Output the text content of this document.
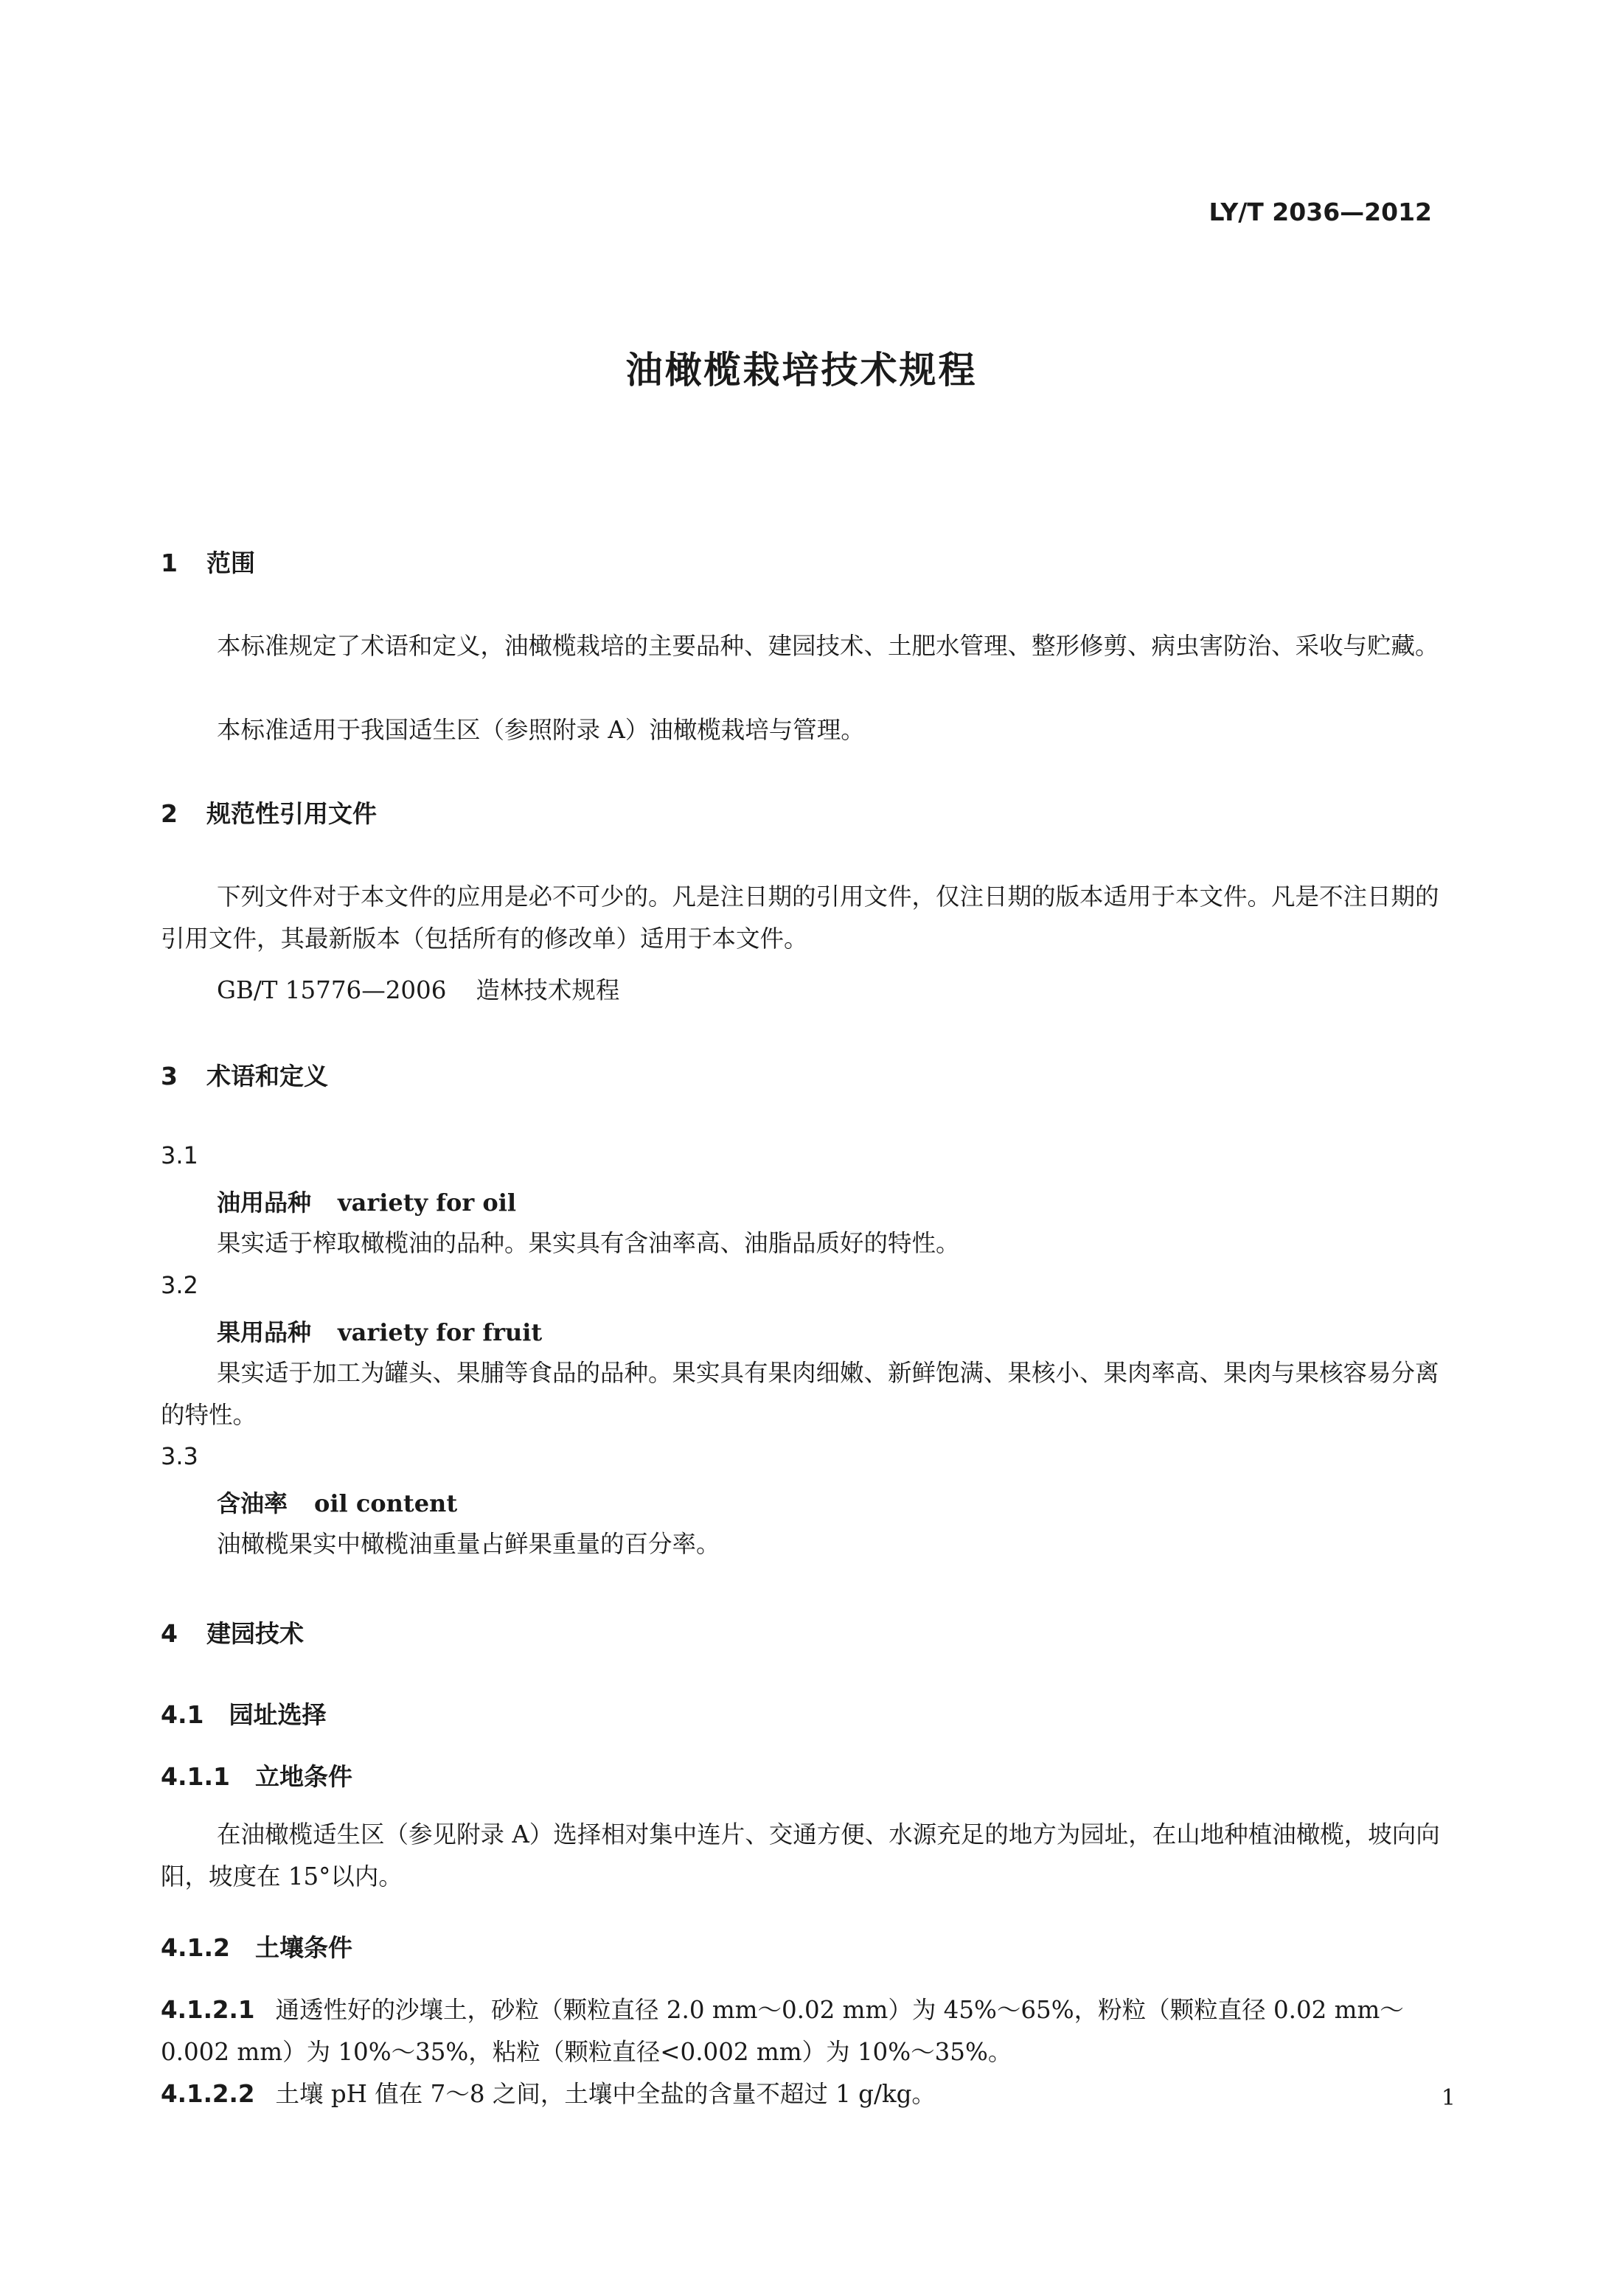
LY/T 2036—2012
油橄榄栽培技术规程
1 范围

本标准规定了术语和定义，油橄榄栽培的主要品种、建园技术、土肥水管理、整形修剪、病虫害防治、采收与贮藏。

本标准适用于我国适生区（参照附录 A）油橄榄栽培与管理。

2 规范性引用文件

下列文件对于本文件的应用是必不可少的。凡是注日期的引用文件，仅注日期的版本适用于本文件。凡是不注日期的引用文件，其最新版本（包括所有的修改单）适用于本文件。

GB/T 15776—2006 造林技术规程
3 术语和定义
3.1
油用品种 variety for oil

果实适于榨取橄榄油的品种。果实具有含油率高、油脂品质好的特性。

3.2
果用品种 variety for fruit

果实适于加工为罐头、果脯等食品的品种。果实具有果肉细嫩、新鲜饱满、果核小、果肉率高、果肉与果核容易分离的特性。

3.3
含油率 oil content

油橄榄果实中橄榄油重量占鲜果重量的百分率。

4 建园技术
4.1 园址选择
4.1.1 立地条件

在油橄榄适生区（参见附录 A）选择相对集中连片、交通方便、水源充足的地方为园址，在山地种植油橄榄，坡向向阳，坡度在 15°以内。

4.1.2 土壤条件

4.1.2.1 通透性好的沙壤土，砂粒（颗粒直径 2.0 mm～0.02 mm）为 45%～65%，粉粒（颗粒直径 0.02 mm～0.002 mm）为 10%～35%，粘粒（颗粒直径<0.002 mm）为 10%～35%。

4.1.2.2 土壤 pH 值在 7～8 之间，土壤中全盐的含量不超过 1 g/kg。	1
